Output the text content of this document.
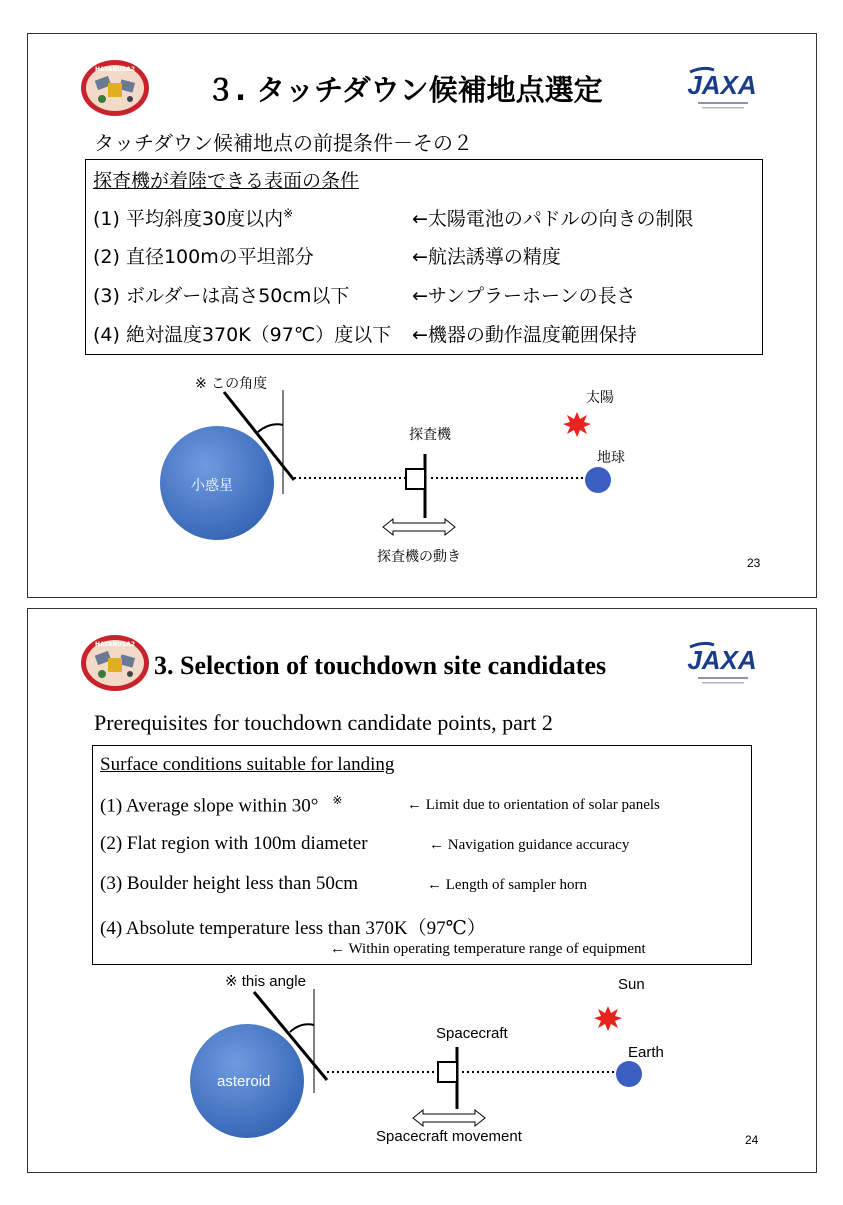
HAYABUSA2
３. タッチダウン候補地点選定	JAXA
タッチダウン候補地点の前提条件－その２
探査機が着陸できる表面の条件
(1) 平均斜度30度以内※	←太陽電池のパドルの向きの制限
(2) 直径100mの平坦部分	←航法誘導の精度
(3) ボルダーは高さ50cm以下	←サンプラーホーンの長さ
(4) 絶対温度370K（97℃）度以下 ←機器の動作温度範囲保持
※ この角度
小惑星
探査機
太陽
地球
探査機の動き	23
HAYABUSA2
3. Selection of touchdown site candidates	JAXA
Prerequisites for touchdown candidate points, part 2
Surface conditions suitable for landing
(1) Average slope within 30° ※	← Limit due to orientation of solar panels
(2) Flat region with 100m diameter	← Navigation guidance accuracy
(3) Boulder height less than 50cm	← Length of sampler horn
(4) Absolute temperature less than 370K（97℃）
← Within operating temperature range of equipment
※ this angle
asteroid
Spacecraft
Sun
Earth
Spacecraft movement	24
